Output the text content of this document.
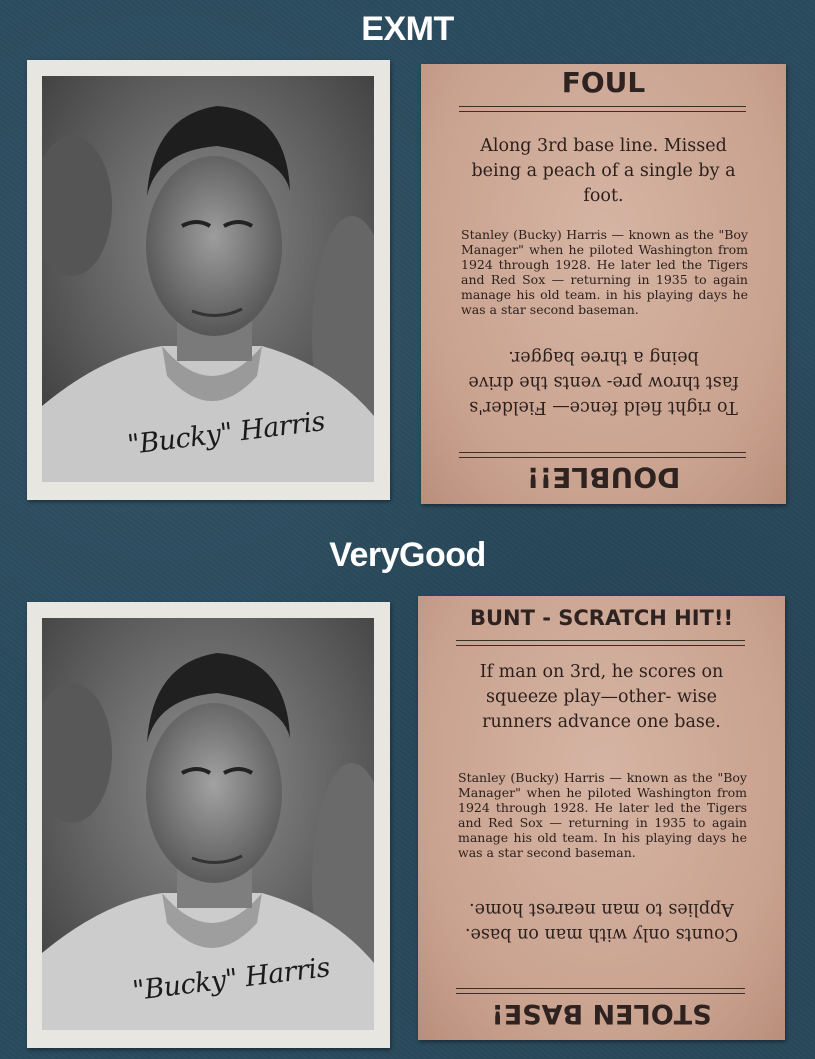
EXMT
"Bucky" Harris
FOUL
Along 3rd base line. Missed being a peach of a single by a foot.
Stanley (Bucky) Harris — known as the "Boy Manager" when he piloted Washington from 1924 through 1928. He later led the Tigers and Red Sox — returning in 1935 to again manage his old team. in his playing days he was a star second baseman.
To right field fence— Fielder's fast throw pre- vents the drive being a three bagger.
DOUBLE!!
VeryGood
"Bucky" Harris
BUNT - SCRATCH HIT!!
If man on 3rd, he scores on squeeze play—other- wise runners advance one base.
Stanley (Bucky) Harris — known as the "Boy Manager" when he piloted Washington from 1924 through 1928. He later led the Tigers and Red Sox — returning in 1935 to again manage his old team. In his playing days he was a star second baseman.
Counts only with man on base. Applies to man nearest home.
STOLEN BASE!
